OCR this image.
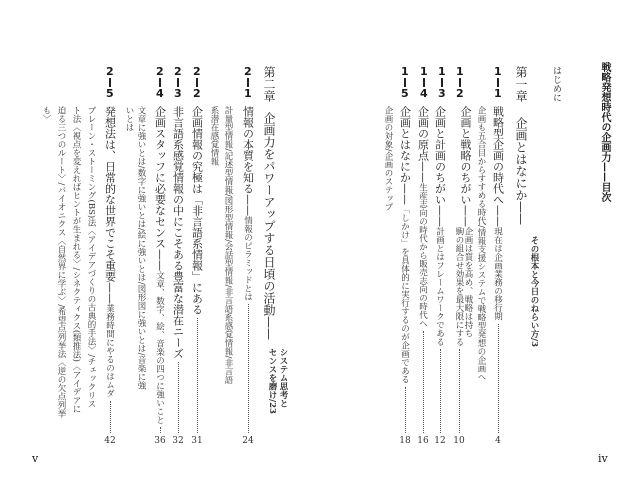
戦略発想時代の企画力——目次
はじめに
第一章
企画とはなにか——
その根本と今日のねらい方/3
1
1
戦略型企画の時代へ——現在は企画業務の移行期
4
企画も五合目からすすめる時代/情報支援システムで戦略型発想の企画へ
1
2
企画と戦略のちがい——企画は質を高め、戦略は持ち
駒の組合せ効果を最大限にする
10
1
3
企画と計画のちがい——計画とはフレームワークである
12
1
4
企画の原点——生産志向の時代から販売志向の時代へ
16
1
5
企画とはなにか——「しかけ」を具体的に実行するのが企画である
18
企画の対象/企画のステップ
第二章
企画力をパワーアップする日頃の活動——
システム思考と
センスを磨け/23
2
1
情報の本質を知る——情報のピラミッドとは
24
計量型情報/記述型情報/図形型情報/会話型情報/非言語系感覚情報/非言語
系潜在感覚情報
2
2
企画情報の究極は「非言語系情報」にある
31
2
3
非言語系感覚情報の中にこそある豊富な潜在ニーズ
32
2
4
企画スタッフに必要なセンス——文章、数字、絵、音楽の四つに強いこと
36
文章に強いとは/数字に強いとは/絵に強いとは/図形図に強いとは/音楽に強
いとは
2
5
発想法は、日常的な世界でこそ重要——業務時間にやるのはムダ
42
ブレーン・ストーミング(BS)法〈アイデアづくりの古典的手法〉/チェックリス
ト法〈視点を変えればヒントが生まれる〉/シネクティクス(類推法)〈アイデアに
迫る三つのルート〉/バイオニクス〈自然界に学ぶ〉/希望点列挙法〈逆の欠点列挙
も〉
v	iv
